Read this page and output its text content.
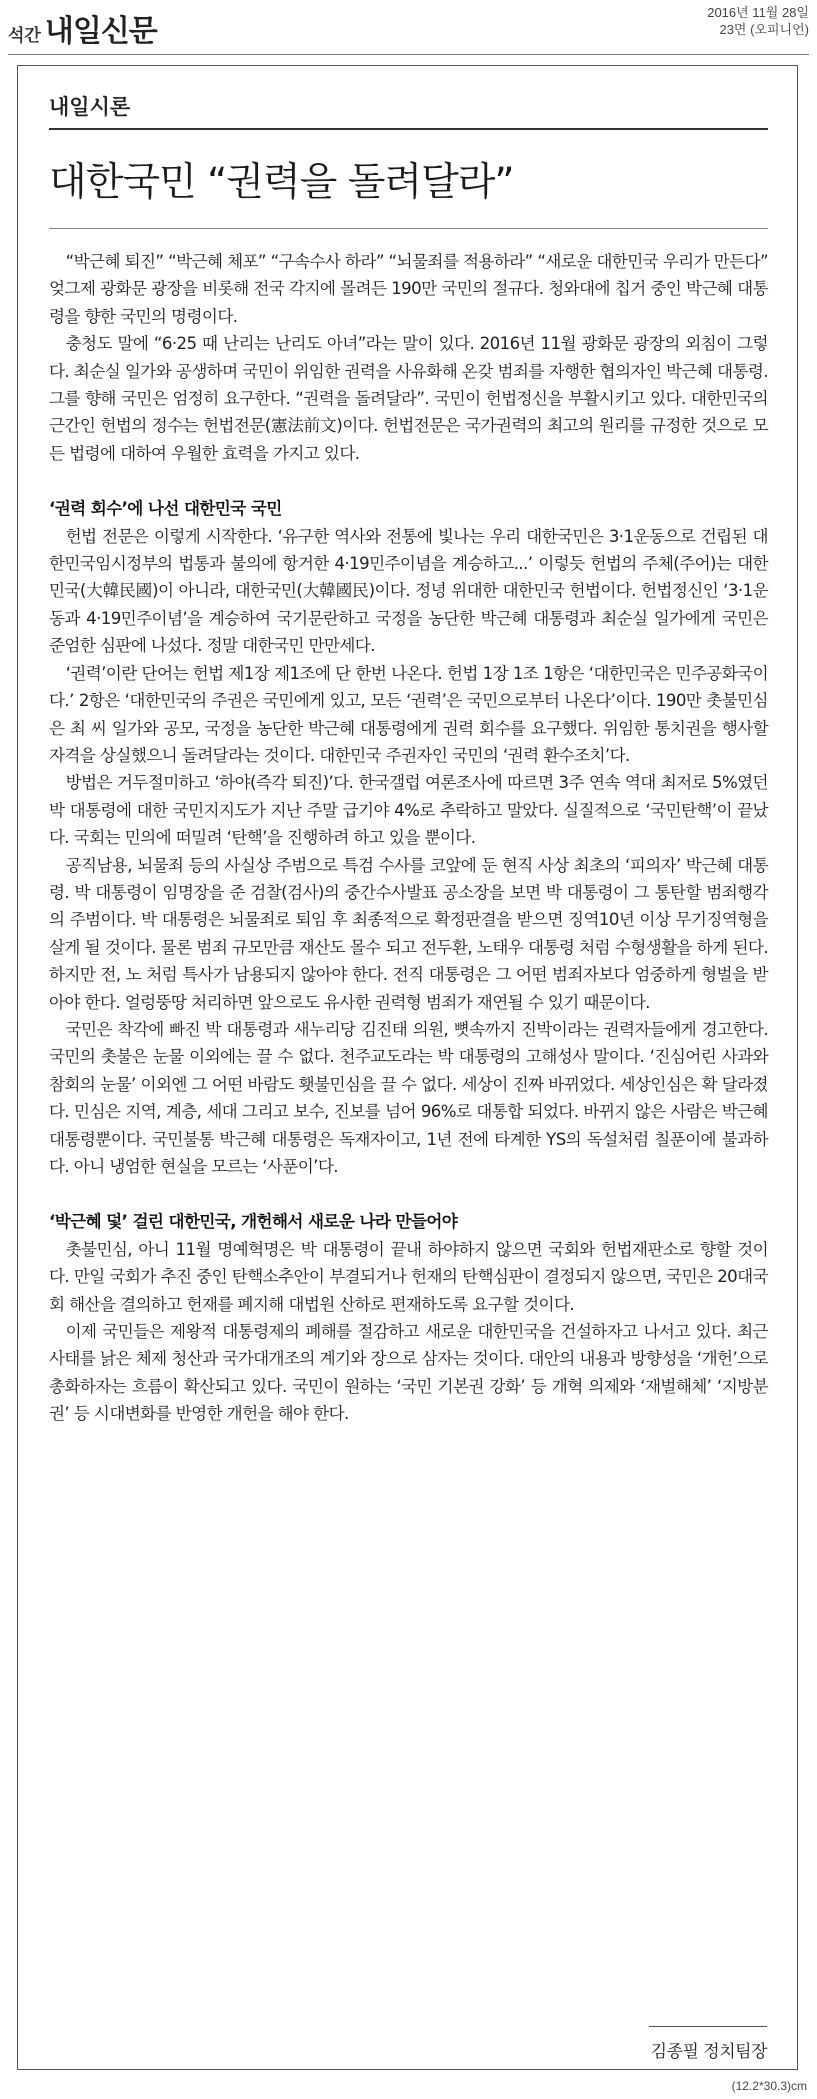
석간 내일신문
2016년 11월 28일
23면 (오피니언)
내일시론
대한국민 “권력을 돌려달라”

“박근혜 퇴진” “박근혜 체포” “구속수사 하라” “뇌물죄를 적용하라” “새로운 대한민국 우리가 만든다” 엊그제 광화문 광장을 비롯해 전국 각지에 몰려든 190만 국민의 절규다. 청와대에 칩거 중인 박근혜 대통령을 향한 국민의 명령이다.

충청도 말에 “6·25 때 난리는 난리도 아녀”라는 말이 있다. 2016년 11월 광화문 광장의 외침이 그렇다. 최순실 일가와 공생하며 국민이 위임한 권력을 사유화해 온갖 범죄를 자행한 협의자인 박근혜 대통령. 그를 향해 국민은 엄정히 요구한다. “권력을 돌려달라”. 국민이 헌법정신을 부활시키고 있다. 대한민국의 근간인 헌법의 정수는 헌법전문(憲法前文)이다. 헌법전문은 국가권력의 최고의 원리를 규정한 것으로 모든 법령에 대하여 우월한 효력을 가지고 있다.

‘권력 회수’에 나선 대한민국 국민

헌법 전문은 이렇게 시작한다. ‘유구한 역사와 전통에 빛나는 우리 대한국민은 3·1운동으로 건립된 대한민국임시정부의 법통과 불의에 항거한 4·19민주이념을 계승하고...’ 이렇듯 헌법의 주체(주어)는 대한민국(大韓民國)이 아니라, 대한국민(大韓國民)이다. 정녕 위대한 대한민국 헌법이다. 헌법정신인 ‘3·1운동과 4·19민주이념’을 계승하여 국기문란하고 국정을 농단한 박근혜 대통령과 최순실 일가에게 국민은 준엄한 심판에 나섰다. 정말 대한국민 만만세다.

‘권력’이란 단어는 헌법 제1장 제1조에 단 한번 나온다. 헌법 1장 1조 1항은 ‘대한민국은 민주공화국이다.’ 2항은 ‘대한민국의 주권은 국민에게 있고, 모든 ‘권력’은 국민으로부터 나온다’이다. 190만 촛불민심은 최 씨 일가와 공모, 국정을 농단한 박근혜 대통령에게 권력 회수를 요구했다. 위임한 통치권을 행사할 자격을 상실했으니 돌려달라는 것이다. 대한민국 주권자인 국민의 ‘권력 환수조치’다.

방법은 거두절미하고 ‘하야(즉각 퇴진)’다. 한국갤럽 여론조사에 따르면 3주 연속 역대 최저로 5%였던 박 대통령에 대한 국민지지도가 지난 주말 급기야 4%로 추락하고 말았다. 실질적으로 ‘국민탄핵’이 끝났다. 국회는 민의에 떠밀려 ‘탄핵’을 진행하려 하고 있을 뿐이다.

공직남용, 뇌물죄 등의 사실상 주범으로 특검 수사를 코앞에 둔 현직 사상 최초의 ‘피의자’ 박근혜 대통령. 박 대통령이 임명장을 준 검찰(검사)의 중간수사발표 공소장을 보면 박 대통령이 그 통탄할 범죄행각의 주범이다. 박 대통령은 뇌물죄로 퇴임 후 최종적으로 확정판결을 받으면 징역10년 이상 무기징역형을 살게 될 것이다. 물론 범죄 규모만큼 재산도 몰수 되고 전두환, 노태우 대통령 처럼 수형생활을 하게 된다. 하지만 전, 노 처럼 특사가 남용되지 않아야 한다. 전직 대통령은 그 어떤 범죄자보다 엄중하게 형벌을 받아야 한다. 얼렁뚱땅 처리하면 앞으로도 유사한 권력형 범죄가 재연될 수 있기 때문이다.

국민은 착각에 빠진 박 대통령과 새누리당 김진태 의원, 뼛속까지 진박이라는 권력자들에게 경고한다. 국민의 촛불은 눈물 이외에는 끌 수 없다. 천주교도라는 박 대통령의 고해성사 말이다. ‘진심어린 사과와 참회의 눈물’ 이외엔 그 어떤 바람도 횃불민심을 끌 수 없다. 세상이 진짜 바뀌었다. 세상인심은 확 달라졌다. 민심은 지역, 계층, 세대 그리고 보수, 진보를 넘어 96%로 대통합 되었다. 바뀌지 않은 사람은 박근혜 대통령뿐이다. 국민불통 박근혜 대통령은 독재자이고, 1년 전에 타계한 YS의 독설처럼 칠푼이에 불과하다. 아니 냉엄한 현실을 모르는 ‘사푼이’다.

‘박근혜 덫’ 걸린 대한민국, 개헌해서 새로운 나라 만들어야

촛불민심, 아니 11월 명예혁명은 박 대통령이 끝내 하야하지 않으면 국회와 헌법재판소로 향할 것이다. 만일 국회가 추진 중인 탄핵소추안이 부결되거나 헌재의 탄핵심판이 결정되지 않으면, 국민은 20대국회 해산을 결의하고 헌재를 폐지해 대법원 산하로 편재하도록 요구할 것이다.

이제 국민들은 제왕적 대통령제의 폐해를 절감하고 새로운 대한민국을 건설하자고 나서고 있다. 최근 사태를 낡은 체제 청산과 국가대개조의 계기와 장으로 삼자는 것이다. 대안의 내용과 방향성을 ‘개헌’으로 총화하자는 흐름이 확산되고 있다. 국민이 원하는 ‘국민 기본권 강화’ 등 개혁 의제와 ‘재벌해체’ ‘지방분권’ 등 시대변화를 반영한 개헌을 해야 한다.

김종필 정치팀장
(12.2*30.3)cm
